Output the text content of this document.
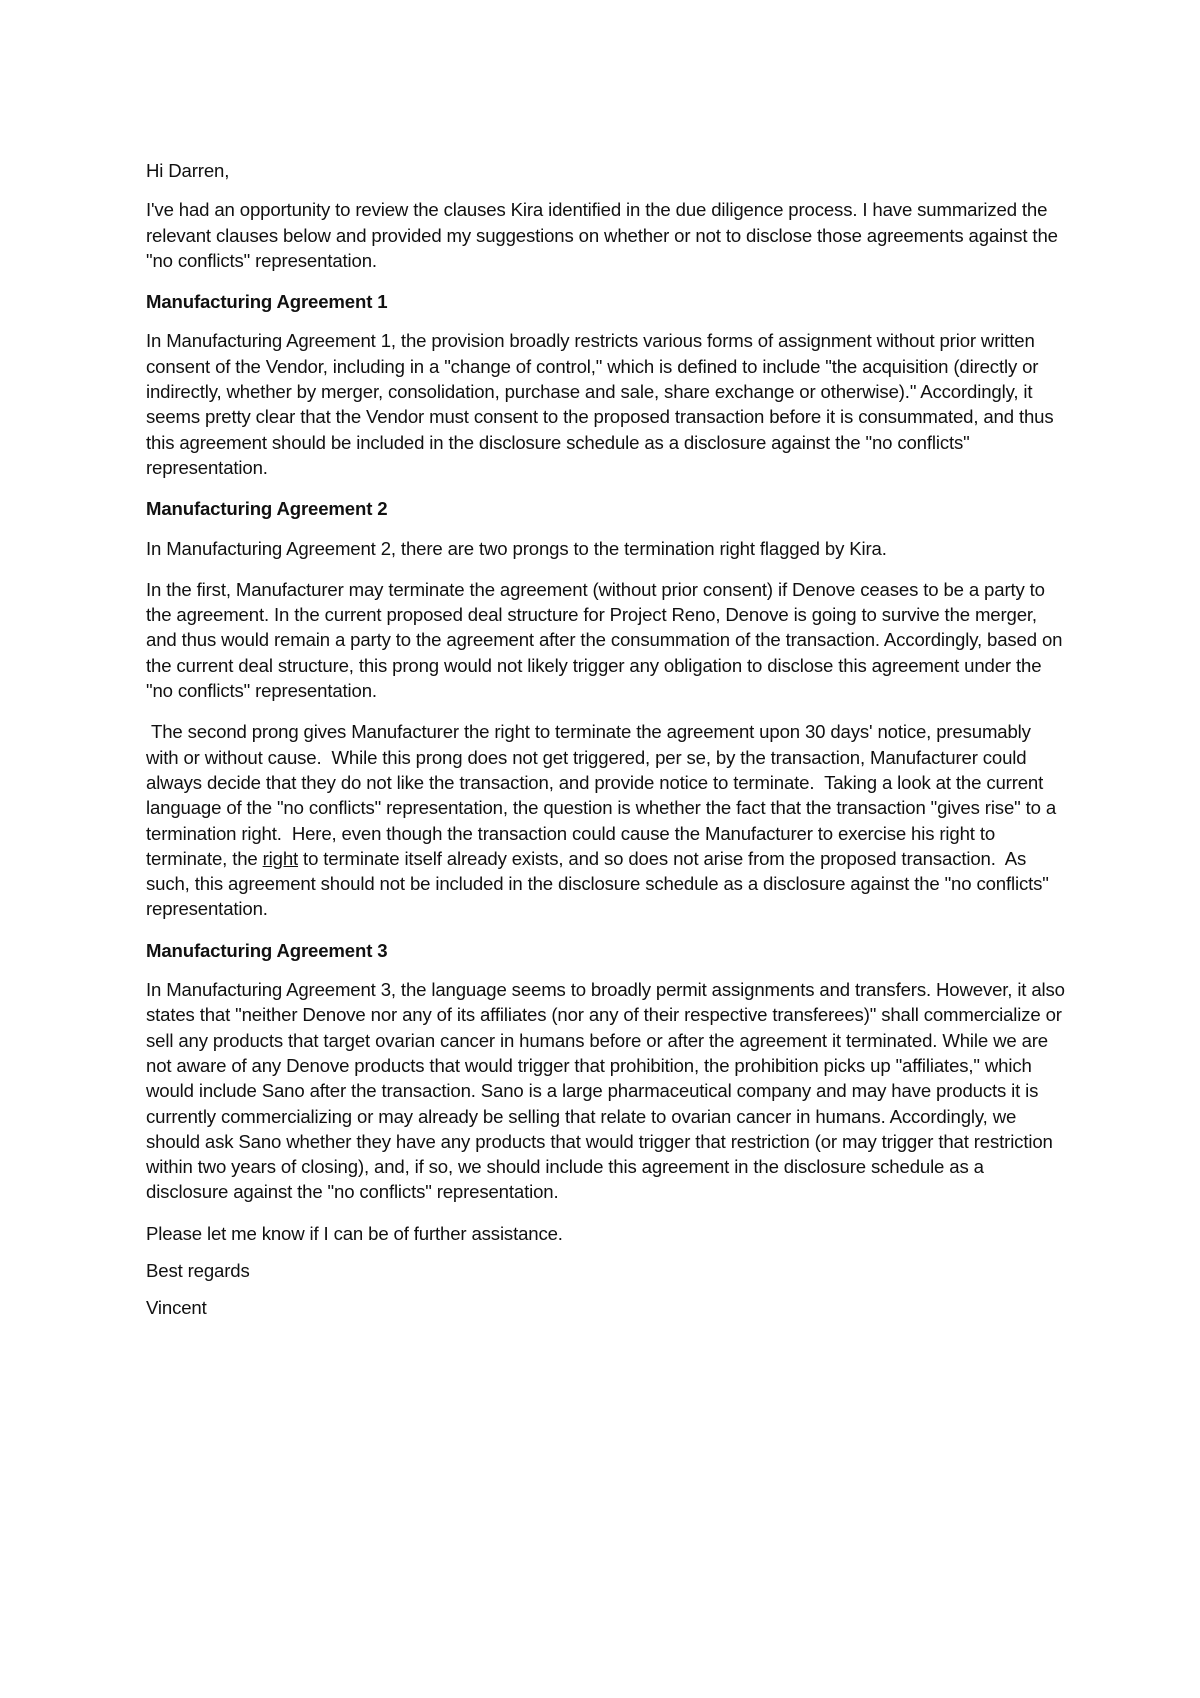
Hi Darren,

I've had an opportunity to review the clauses Kira identified in the due diligence process. I have summarized the relevant clauses below and provided my suggestions on whether or not to disclose those agreements against the "no conflicts" representation.

Manufacturing Agreement 1

In Manufacturing Agreement 1, the provision broadly restricts various forms of assignment without prior written consent of the Vendor, including in a "change of control," which is defined to include "the acquisition (directly or indirectly, whether by merger, consolidation, purchase and sale, share exchange or otherwise)." Accordingly, it seems pretty clear that the Vendor must consent to the proposed transaction before it is consummated, and thus this agreement should be included in the disclosure schedule as a disclosure against the "no conflicts" representation.

Manufacturing Agreement 2

In Manufacturing Agreement 2, there are two prongs to the termination right flagged by Kira.

In the first, Manufacturer may terminate the agreement (without prior consent) if Denove ceases to be a party to the agreement. In the current proposed deal structure for Project Reno, Denove is going to survive the merger, and thus would remain a party to the agreement after the consummation of the transaction. Accordingly, based on the current deal structure, this prong would not likely trigger any obligation to disclose this agreement under the "no conflicts" representation.

The second prong gives Manufacturer the right to terminate the agreement upon 30 days' notice, presumably with or without cause.  While this prong does not get triggered, per se, by the transaction, Manufacturer could always decide that they do not like the transaction, and provide notice to terminate.  Taking a look at the current language of the "no conflicts" representation, the question is whether the fact that the transaction "gives rise" to a termination right.  Here, even though the transaction could cause the Manufacturer to exercise his right to terminate, the right to terminate itself already exists, and so does not arise from the proposed transaction.  As such, this agreement should not be included in the disclosure schedule as a disclosure against the "no conflicts" representation.

Manufacturing Agreement 3

In Manufacturing Agreement 3, the language seems to broadly permit assignments and transfers. However, it also states that "neither Denove nor any of its affiliates (nor any of their respective transferees)" shall commercialize or sell any products that target ovarian cancer in humans before or after the agreement it terminated. While we are not aware of any Denove products that would trigger that prohibition, the prohibition picks up "affiliates," which would include Sano after the transaction. Sano is a large pharmaceutical company and may have products it is currently commercializing or may already be selling that relate to ovarian cancer in humans. Accordingly, we should ask Sano whether they have any products that would trigger that restriction (or may trigger that restriction within two years of closing), and, if so, we should include this agreement in the disclosure schedule as a disclosure against the "no conflicts" representation.

Please let me know if I can be of further assistance.

Best regards

Vincent
